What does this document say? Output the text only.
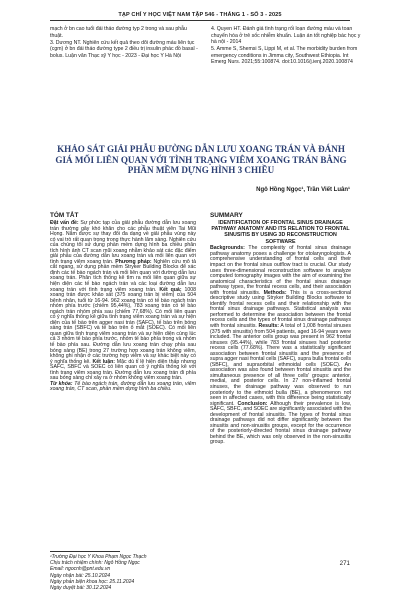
TẠP CHÍ Y HỌC VIỆT NAM TẬP 546 - THÁNG 1 - SỐ 3 - 2025

mạch ở bn cao tuổi đái tháo đường typ 2 trong và sau phẫu thuật.

3. Dương NT. Nghiên cứu kết quả theo dõi đường máu liên tục (cgm) ở bn đái tháo đường type 2 điều trị insulin phác đồ basal - bolus. Luận văn Thạc sỹ Y học - 2023 - Đại học Y Hà Nội

4. Quyen HT. Đánh giá tình trạng rối loạn đường máu và toan chuyển hóa ở trẻ sốc nhiễm khuẩn. Luận án tốt nghiệp bác học y hà nội - 2014

5. Amme S, Shemsi S, Lippi M, et al. The morbidity burden from emergency conditions in Jimma city, Southwest Ethiopia. Int Emerg Nurs. 2021;55:100874. doi:10.1016/j.ienj.2020.100874

KHẢO SÁT GIẢI PHẪU ĐƯỜNG DẪN LƯU XOANG TRÁN VÀ ĐÁNH GIÁ MỐI LIÊN QUAN VỚI TÌNH TRẠNG VIÊM XOANG TRÁN BẰNG PHẦN MỀM DỰNG HÌNH 3 CHIỀU
Ngô Hồng Ngọc¹, Trần Viết Luân¹
TÓM TẮT	SUMMARY

Đặt vấn đề: Sự phức tạp của giải phẫu đường dẫn lưu xoang trán thường gây khó khăn cho các phẫu thuật viên Tai Mũi Họng. Nắm được sự thay đổi đa dạng về giải phẫu vùng này có vai trò rất quan trọng trong thực hành lâm sàng. Nghiên cứu của chúng tôi sử dụng phần mềm dựng hình ba chiều phân tích hình ảnh CT scan mũi xoang nhằm khảo sát các đặc điểm giải phẫu của đường dẫn lưu xoang trán và mối liên quan với tình trạng viêm xoang trán. Phương pháp: Nghiên cứu mô tả cắt ngang, sử dụng phần mềm Stryker Building Blocks để xác định các tế bào ngách trán và mối liên quan với đường dẫn lưu xoang trán. Phân tích thống kê tìm ra mối liên quan giữa sự hiện diện các tế bào ngách trán và các loại đường dẫn lưu xoang trán với tình trạng viêm xoang trán. Kết quả: 1008 xoang trán được khảo sát (375 xoang trán bị viêm) của 504 bệnh nhân, tuổi từ 16-94. 962 xoang trán có tế bào ngách trán nhóm phía trước (chiếm 95,44%), 783 xoang trán có tế bào ngách trán nhóm phía sau (chiếm 77,68%). Có mối liên quan có ý nghĩa thống kê giữa tình trạng viêm xoang trán và sự hiện diện của tế bào trên agger nasi trán (SAFC), tế bào trên bóng sàng trán (SBFC) và tế bào trên ổ mắt (SOEC). Có mối liên quan giữa tình trạng viêm xoang trán và sự hiện diện cùng lúc cả 3 nhóm tế bào phía trước, nhóm tế bào phía trong và nhóm tế bào phía sau. Đường dẫn lưu xoang trán chạy phía sau bóng sàng (BE) trong 27 trường hợp xoang trán không viêm, không ghi nhận ở các trường hợp viêm và sự khác biệt này có ý nghĩa thống kê. Kết luận: Mặc dù tỉ lệ hiện diện thấp nhưng SAFC, SBFC và SOEC có liên quan có ý nghĩa thống kê với tình trạng viêm xoang trán. Đường dẫn lưu xoang trán đi phía sau bóng sàng chỉ xảy ra ở nhóm không viêm xoang trán.

Từ khóa: Tế bào ngách trán, đường dẫn lưu xoang trán, viêm xoang trán, CT scan, phần mềm dựng hình ba chiều.

IDENTIFICATION OF FRONTAL SINUS DRAINAGE PATHWAY ANATOMY AND ITS RELATION TO FRONTAL SINUSITIS BY USING 3D RECONSTRUCTION SOFTWARE

Backgrounds: The complexity of frontal sinus drainage pathway anatomy poses a challenge for otolaryngologists. A comprehensive understanding of frontal cells and their impact on the frontal sinus outflow tract is crucial. Our study uses three-dimensional reconstruction software to analyze computed tomography images with the aim of examining the anatomical characteristics of the frontal sinus drainage pathway types, the frontal recess cells, and their association with frontal sinusitis. Methods: This is a cross-sectional descriptive study using Stryker Building Blocks software to identify frontal recess cells and their relationship with the frontal sinus drainage pathways. Statistical analysis was performed to determine the association between the frontal recess cells and the types of frontal sinus drainage pathways with frontal sinusitis. Results: A total of 1,008 frontal sinuses (375 with sinusitis) from 504 patients, aged 16-94 years were included. The anterior cells group was present in 962 frontal sinuses (95.44%), while 783 frontal sinuses had posterior recess cells (77.68%). There was a statistically significant association between frontal sinusitis and the presence of supra agger nasi frontal cells (SAFC), supra bulla frontal cells (SBFC), and supraorbital ethmoidal cells (SOEC). An association was also found between frontal sinusitis and the simultaneous presence of all three cells' groups: anterior, medial, and posterior cells. In 27 non-inflamed frontal sinuses, the drainage pathway was observed to run posteriorly to the ethmoid bulla (BE), a phenomenon not seen in affected cases, with this difference being statistically significant. Conclusion: Although their prevalence is low, SAFC, SBFC, and SOEC are significantly associated with the development of frontal sinusitis. The types of frontal sinus drainage pathways did not differ significantly between the sinusitis and non-sinusitis groups, except for the occurrence of the posteriorly-directed frontal sinus drainage pathway behind the BE, which was only observed in the non-sinusitis group.

¹Trường Đại học Y Khoa Phạm Ngọc Thạch
Chịu trách nhiệm chính: Ngô Hồng Ngọc
Email: ngocnh@pnt.edu.vn
Ngày nhận bài: 25.10.2024
Ngày phản biện khoa học: 25.11.2024
Ngày duyệt bài: 30.12.2024
271
